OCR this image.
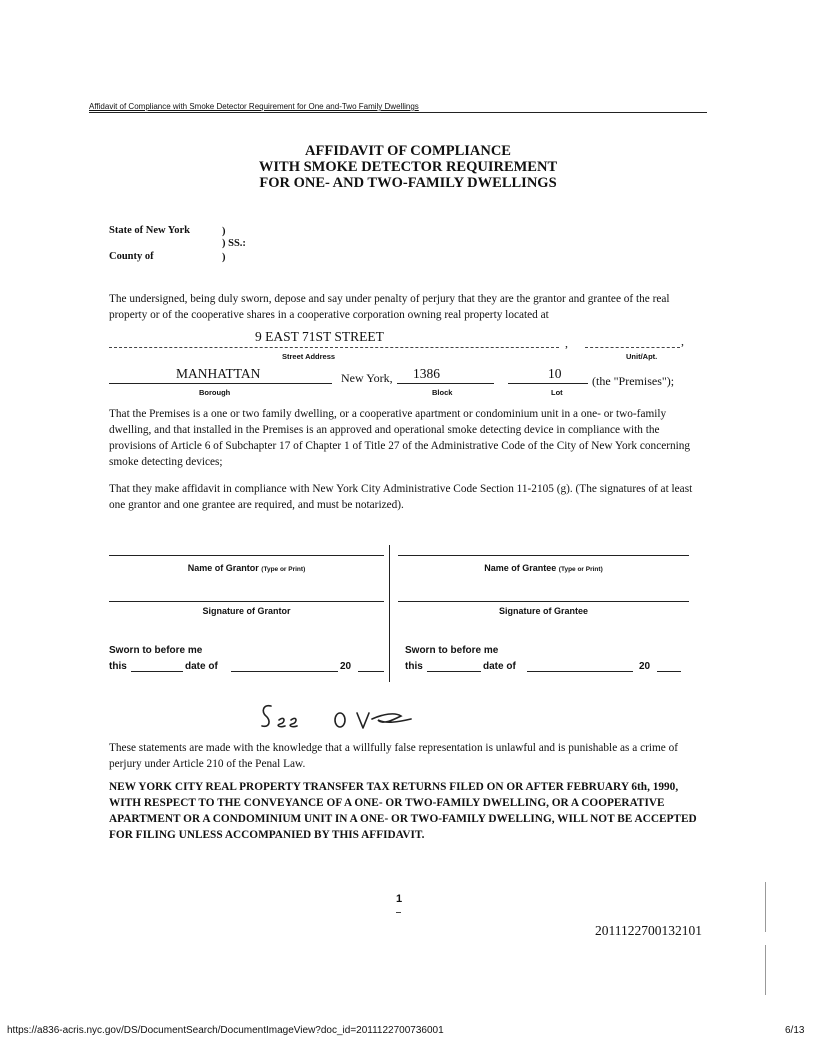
Affidavit of Compliance with Smoke Detector Requirement for One and-Two Family Dwellings
AFFIDAVIT OF COMPLIANCE
WITH SMOKE DETECTOR REQUIREMENT
FOR ONE- AND TWO-FAMILY DWELLINGS
State of New York	)
) SS.:
County of	)
The undersigned, being duly sworn, depose and say under penalty of perjury that they are the grantor and grantee of the real property or of the cooperative shares in a cooperative corporation owning real property located at
9 EAST 71ST STREET	,	,
Street Address	Unit/Apt.
MANHATTAN	New York, 1386	10	(the "Premises");
Borough	Block	Lot
That the Premises is a one or two family dwelling, or a cooperative apartment or condominium unit in a one- or two-family dwelling, and that installed in the Premises is an approved and operational smoke detecting device in compliance with the provisions of Article 6 of Subchapter 17 of Chapter 1 of Title 27 of the Administrative Code of the City of New York concerning smoke detecting devices;
That they make affidavit in compliance with New York City Administrative Code Section 11-2105 (g). (The signatures of at least one grantor and one grantee are required, and must be notarized).
Name of Grantor (Type or Print)
Signature of Grantor
Name of Grantee (Type or Print)
Signature of Grantee
Sworn to before me
this	date of	20
Sworn to before me
this	date of	20
These statements are made with the knowledge that a willfully false representation is unlawful and is punishable as a crime of perjury under Article 210 of the Penal Law.
NEW YORK CITY REAL PROPERTY TRANSFER TAX RETURNS FILED ON OR AFTER FEBRUARY 6th, 1990, WITH RESPECT TO THE CONVEYANCE OF A ONE- OR TWO-FAMILY DWELLING, OR A COOPERATIVE APARTMENT OR A CONDOMINIUM UNIT IN A ONE- OR TWO-FAMILY DWELLING, WILL NOT BE ACCEPTED FOR FILING UNLESS ACCOMPANIED BY THIS AFFIDAVIT.
1
2011122700132101
https://a836-acris.nyc.gov/DS/DocumentSearch/DocumentImageView?doc_id=2011122700736001	6/13
